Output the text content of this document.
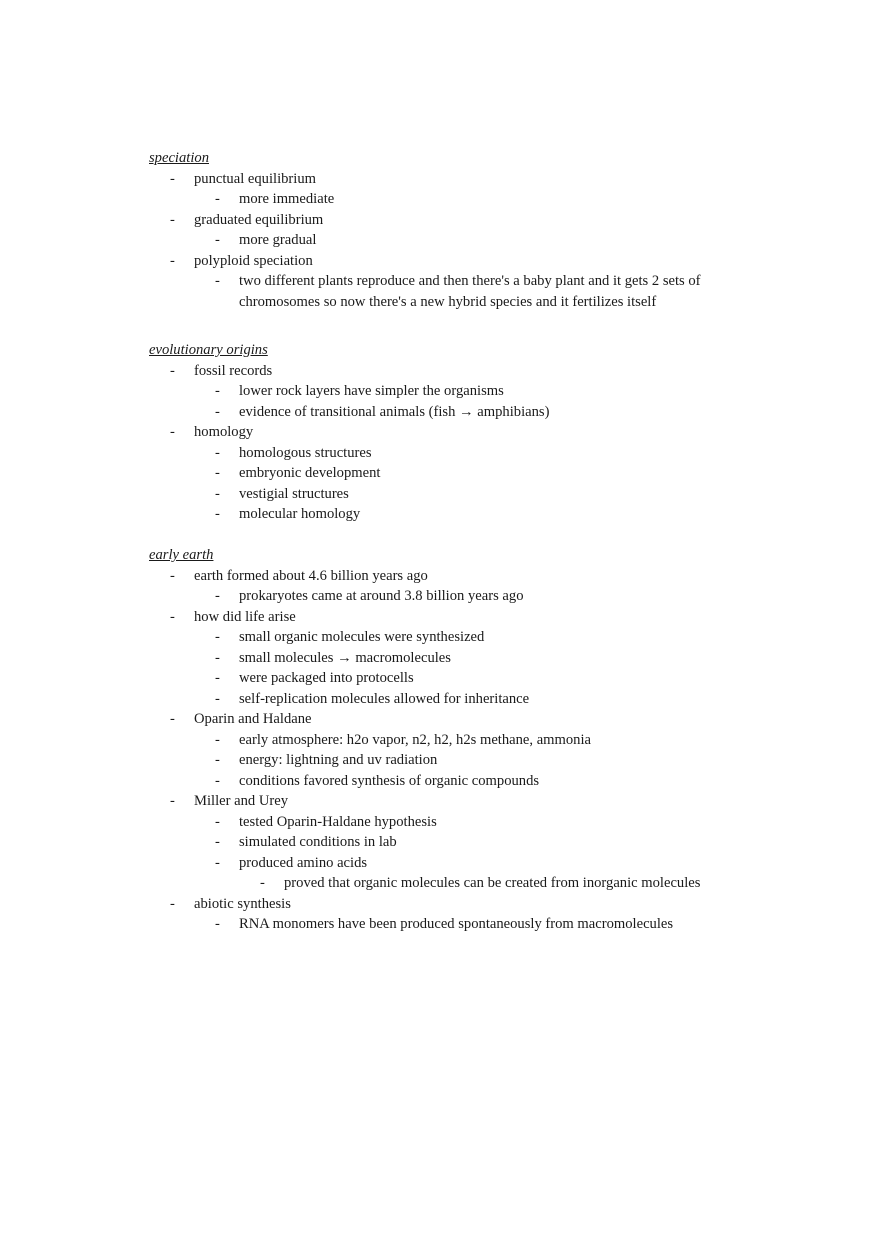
speciation
- punctual equilibrium
- more immediate
- graduated equilibrium
- more gradual
- polyploid speciation
- two different plants reproduce and then there's a baby plant and it gets 2 sets of chromosomes so now there's a new hybrid species and it fertilizes itself
evolutionary origins
- fossil records
- lower rock layers have simpler the organisms
- evidence of transitional animals (fish → amphibians)
- homology
- homologous structures
- embryonic development
- vestigial structures
- molecular homology
early earth
- earth formed about 4.6 billion years ago
- prokaryotes came at around 3.8 billion years ago
- how did life arise
- small organic molecules were synthesized
- small molecules → macromolecules
- were packaged into protocells
- self-replication molecules allowed for inheritance
- Oparin and Haldane
- early atmosphere: h2o vapor, n2, h2, h2s methane, ammonia
- energy: lightning and uv radiation
- conditions favored synthesis of organic compounds
- Miller and Urey
- tested Oparin-Haldane hypothesis
- simulated conditions in lab
- produced amino acids
- proved that organic molecules can be created from inorganic molecules
- abiotic synthesis
- RNA monomers have been produced spontaneously from macromolecules
